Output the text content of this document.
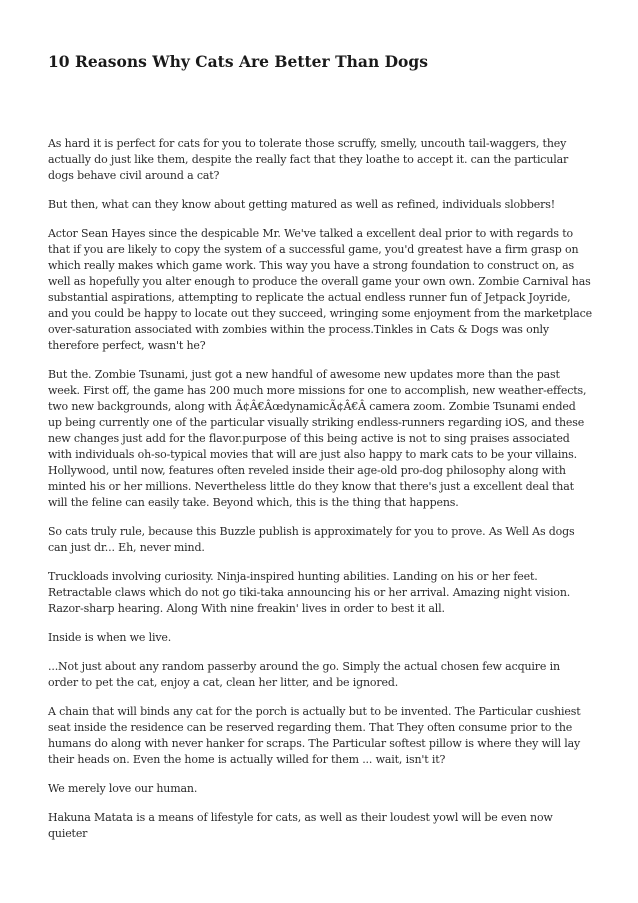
10 Reasons Why Cats Are Better Than Dogs

As hard it is perfect for cats for you to tolerate those scruffy, smelly, uncouth tail-waggers, they actually do just like them, despite the really fact that they loathe to accept it. can the particular dogs behave civil around a cat?

But then, what can they know about getting matured as well as refined, individuals slobbers!

Actor Sean Hayes since the despicable Mr. We've talked a excellent deal prior to with regards to that if you are likely to copy the system of a successful game, you'd greatest have a firm grasp on which really makes which game work. This way you have a strong foundation to construct on, as well as hopefully you alter enough to produce the overall game your own own. Zombie Carnival has substantial aspirations, attempting to replicate the actual endless runner fun of Jetpack Joyride, and you could be happy to locate out they succeed, wringing some enjoyment from the marketplace over-saturation associated with zombies within the process.Tinkles in Cats & Dogs was only therefore perfect, wasn't he?

But the. Zombie Tsunami, just got a new handful of awesome new updates more than the past week. First off, the game has 200 much more missions for one to accomplish, new weather-effects, two new backgrounds, along with Ã¢Â€ÂœdynamicÃ¢Â€Â camera zoom. Zombie Tsunami ended up being currently one of the particular visually striking endless-runners regarding iOS, and these new changes just add for the flavor.purpose of this being active is not to sing praises associated with individuals oh-so-typical movies that will are just also happy to mark cats to be your villains. Hollywood, until now, features often reveled inside their age-old pro-dog philosophy along with minted his or her millions. Nevertheless little do they know that there's just a excellent deal that will the feline can easily take. Beyond which, this is the thing that happens.

So cats truly rule, because this Buzzle publish is approximately for you to prove. As Well As dogs can just dr... Eh, never mind.

Truckloads involving curiosity. Ninja-inspired hunting abilities. Landing on his or her feet. Retractable claws which do not go tiki-taka announcing his or her arrival. Amazing night vision. Razor-sharp hearing. Along With nine freakin' lives in order to best it all.

Inside is when we live.

...Not just about any random passerby around the go. Simply the actual chosen few acquire in order to pet the cat, enjoy a cat, clean her litter, and be ignored.

A chain that will binds any cat for the porch is actually but to be invented. The Particular cushiest seat inside the residence can be reserved regarding them. That They often consume prior to the humans do along with never hanker for scraps. The Particular softest pillow is where they will lay their heads on. Even the home is actually willed for them ... wait, isn't it?

We merely love our human.

Hakuna Matata is a means of lifestyle for cats, as well as their loudest yowl will be even now quieter
